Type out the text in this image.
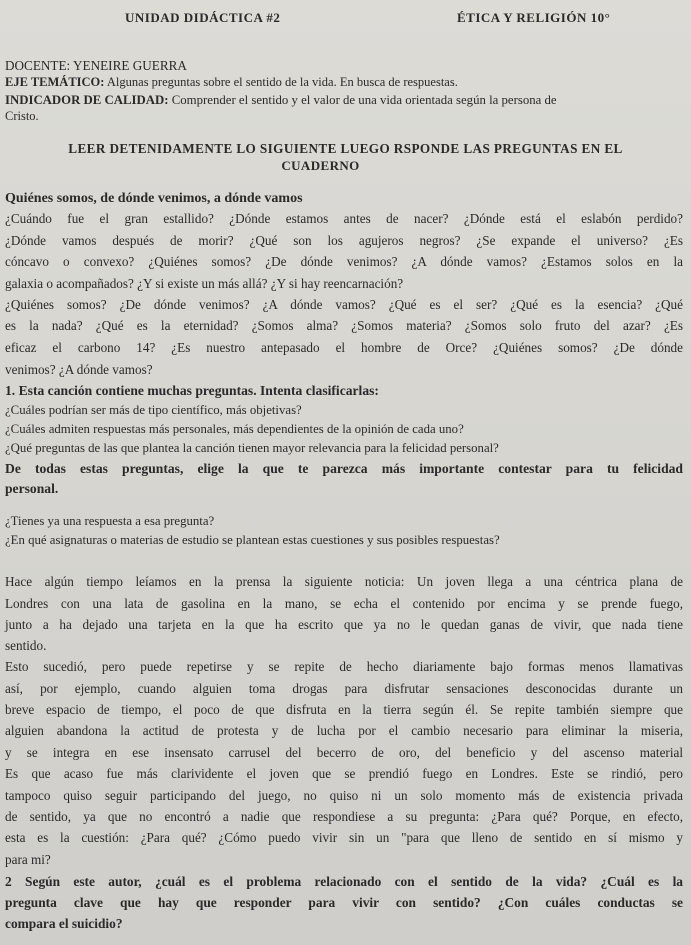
UNIDAD DIDÁCTICA #2	ÉTICA Y RELIGIÓN 10°
DOCENTE: YENEIRE GUERRA
EJE TEMÁTICO: Algunas preguntas sobre el sentido de la vida. En busca de respuestas.
INDICADOR DE CALIDAD: Comprender el sentido y el valor de una vida orientada según la persona de
Cristo.
LEER DETENIDAMENTE LO SIGUIENTE LUEGO RSPONDE LAS PREGUNTAS EN EL
CUADERNO
Quiénes somos, de dónde venimos, a dónde vamos
¿Cuándo fue el gran estallido? ¿Dónde estamos antes de nacer? ¿Dónde está el eslabón perdido?
¿Dónde vamos después de morir? ¿Qué son los agujeros negros? ¿Se expande el universo? ¿Es
cóncavo o convexo? ¿Quiénes somos? ¿De dónde venimos? ¿A dónde vamos? ¿Estamos solos en la
galaxia o acompañados? ¿Y si existe un más allá? ¿Y si hay reencarnación?
¿Quiénes somos? ¿De dónde venimos? ¿A dónde vamos? ¿Qué es el ser? ¿Qué es la esencia? ¿Qué
es la nada? ¿Qué es la eternidad? ¿Somos alma? ¿Somos materia? ¿Somos solo fruto del azar? ¿Es
eficaz el carbono 14? ¿Es nuestro antepasado el hombre de Orce? ¿Quiénes somos? ¿De dónde
venimos? ¿A dónde vamos?
1. Esta canción contiene muchas preguntas. Intenta clasificarlas:
¿Cuáles podrían ser más de tipo científico, más objetivas?
¿Cuáles admiten respuestas más personales, más dependientes de la opinión de cada uno?
¿Qué preguntas de las que plantea la canción tienen mayor relevancia para la felicidad personal?
De todas estas preguntas, elige la que te parezca más importante contestar para tu felicidad
personal.
¿Tienes ya una respuesta a esa pregunta?
¿En qué asignaturas o materias de estudio se plantean estas cuestiones y sus posibles respuestas?
Hace algún tiempo leíamos en la prensa la siguiente noticia: Un joven llega a una céntrica plana de
Londres con una lata de gasolina en la mano, se echa el contenido por encima y se prende fuego,
junto a ha dejado una tarjeta en la que ha escrito que ya no le quedan ganas de vivir, que nada tiene
sentido.
Esto sucedió, pero puede repetirse y se repite de hecho diariamente bajo formas menos llamativas
así, por ejemplo, cuando alguien toma drogas para disfrutar sensaciones desconocidas durante un
breve espacio de tiempo, el poco de que disfruta en la tierra según él. Se repite también siempre que
alguien abandona la actitud de protesta y de lucha por el cambio necesario para eliminar la miseria,
y se integra en ese insensato carrusel del becerro de oro, del beneficio y del ascenso material
Es que acaso fue más clarividente el joven que se prendió fuego en Londres. Este se rindió, pero
tampoco quiso seguir participando del juego, no quiso ni un solo momento más de existencia privada
de sentido, ya que no encontró a nadie que respondiese a su pregunta: ¿Para qué? Porque, en efecto,
esta es la cuestión: ¿Para qué? ¿Cómo puedo vivir sin un "para que lleno de sentido en sí mismo y
para mi?
2 Según este autor, ¿cuál es el problema relacionado con el sentido de la vida? ¿Cuál es la
pregunta clave que hay que responder para vivir con sentido? ¿Con cuáles conductas se
compara el suicidio?
